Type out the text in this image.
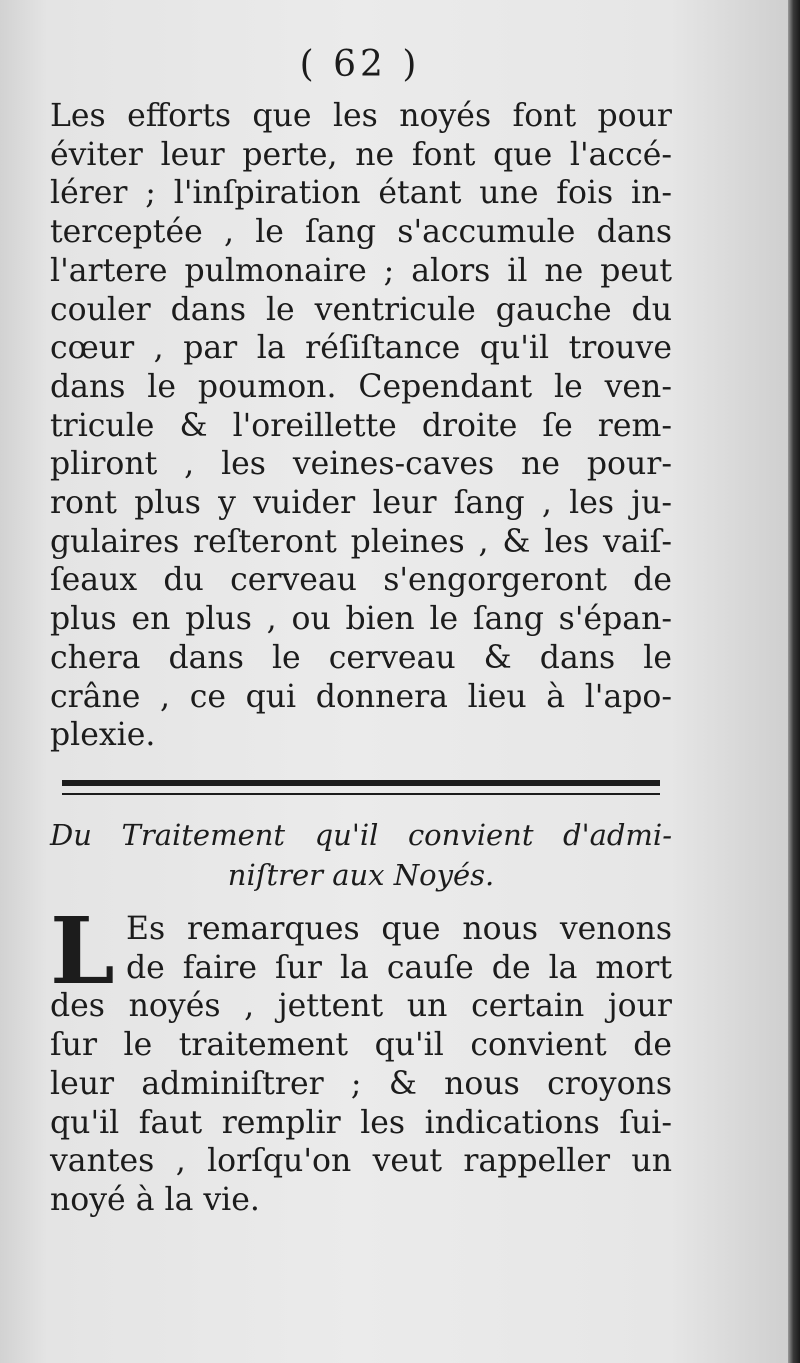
( 62 )
Les efforts que les noyés font pour
éviter leur perte, ne font que l'accé-
lérer ; l'inſpiration étant une fois in-
terceptée , le ſang s'accumule dans
l'artere pulmonaire ; alors il ne peut
couler dans le ventricule gauche du
cœur , par la réſiſtance qu'il trouve
dans le poumon. Cependant le ven-
tricule & l'oreillette droite ſe rem-
pliront , les veines-caves ne pour-
ront plus y vuider leur ſang , les ju-
gulaires reſteront pleines , & les vaiſ-
ſeaux du cerveau s'engorgeront de
plus en plus , ou bien le ſang s'épan-
chera dans le cerveau & dans le
crâne , ce qui donnera lieu à l'apo-
plexie.
Du Traitement qu'il convient d'admi-
niſtrer aux Noyés.
L Es remarques que nous venons
de faire ſur la cauſe de la mort
des noyés , jettent un certain jour
ſur le traitement qu'il convient de
leur adminiſtrer ; & nous croyons
qu'il faut remplir les indications ſui-
vantes , lorſqu'on veut rappeller un
noyé à la vie.
